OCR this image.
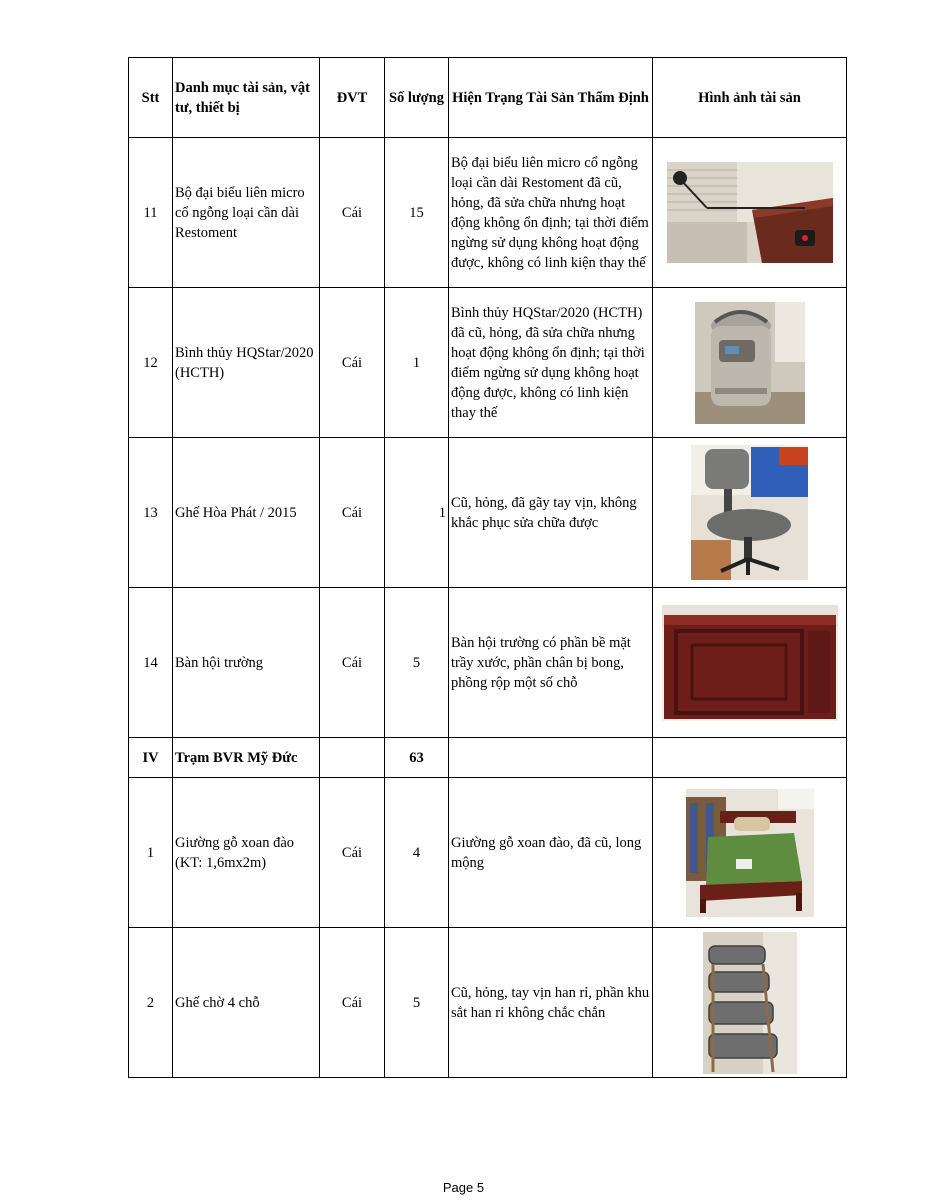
Stt	Danh mục tài sản, vật tư, thiết bị	ĐVT	Số lượng	Hiện Trạng Tài Sản Thẩm Định	Hình ảnh tài sản
11	Bộ đại biểu liên micro cổ ngỗng loại cần dài Restoment	Cái	15	Bộ đại biểu liên micro cổ ngỗng loại cần dài Restoment đã cũ, hỏng, đã sửa chữa nhưng hoạt động không ổn định; tại thời điểm ngừng sử dụng không hoạt động được, không có linh kiện thay thế	

12	Bình thủy HQStar/2020 (HCTH)	Cái	1	Bình thủy HQStar/2020 (HCTH) đã cũ, hỏng, đã sửa chữa nhưng hoạt động không ổn định; tại thời điểm ngừng sử dụng không hoạt động được, không có linh kiện thay thế	

13	Ghế Hòa Phát / 2015	Cái	1	Cũ, hỏng, đã gãy tay vịn, không khắc phục sửa chữa được	

14	Bàn hội trường	Cái	5	Bàn hội trường có phần bề mặt trầy xước, phần chân bị bong, phồng rộp một số chỗ	

IV	Trạm BVR Mỹ Đức		63		
1	Giường gỗ xoan đào (KT: 1,6mx2m)	Cái	4	Giường gỗ xoan đào, đã cũ, long mộng	

2	Ghế chờ 4 chỗ	Cái	5	Cũ, hỏng, tay vịn han rỉ, phần khu sắt han rỉ không chắc chắn	
Page 5
